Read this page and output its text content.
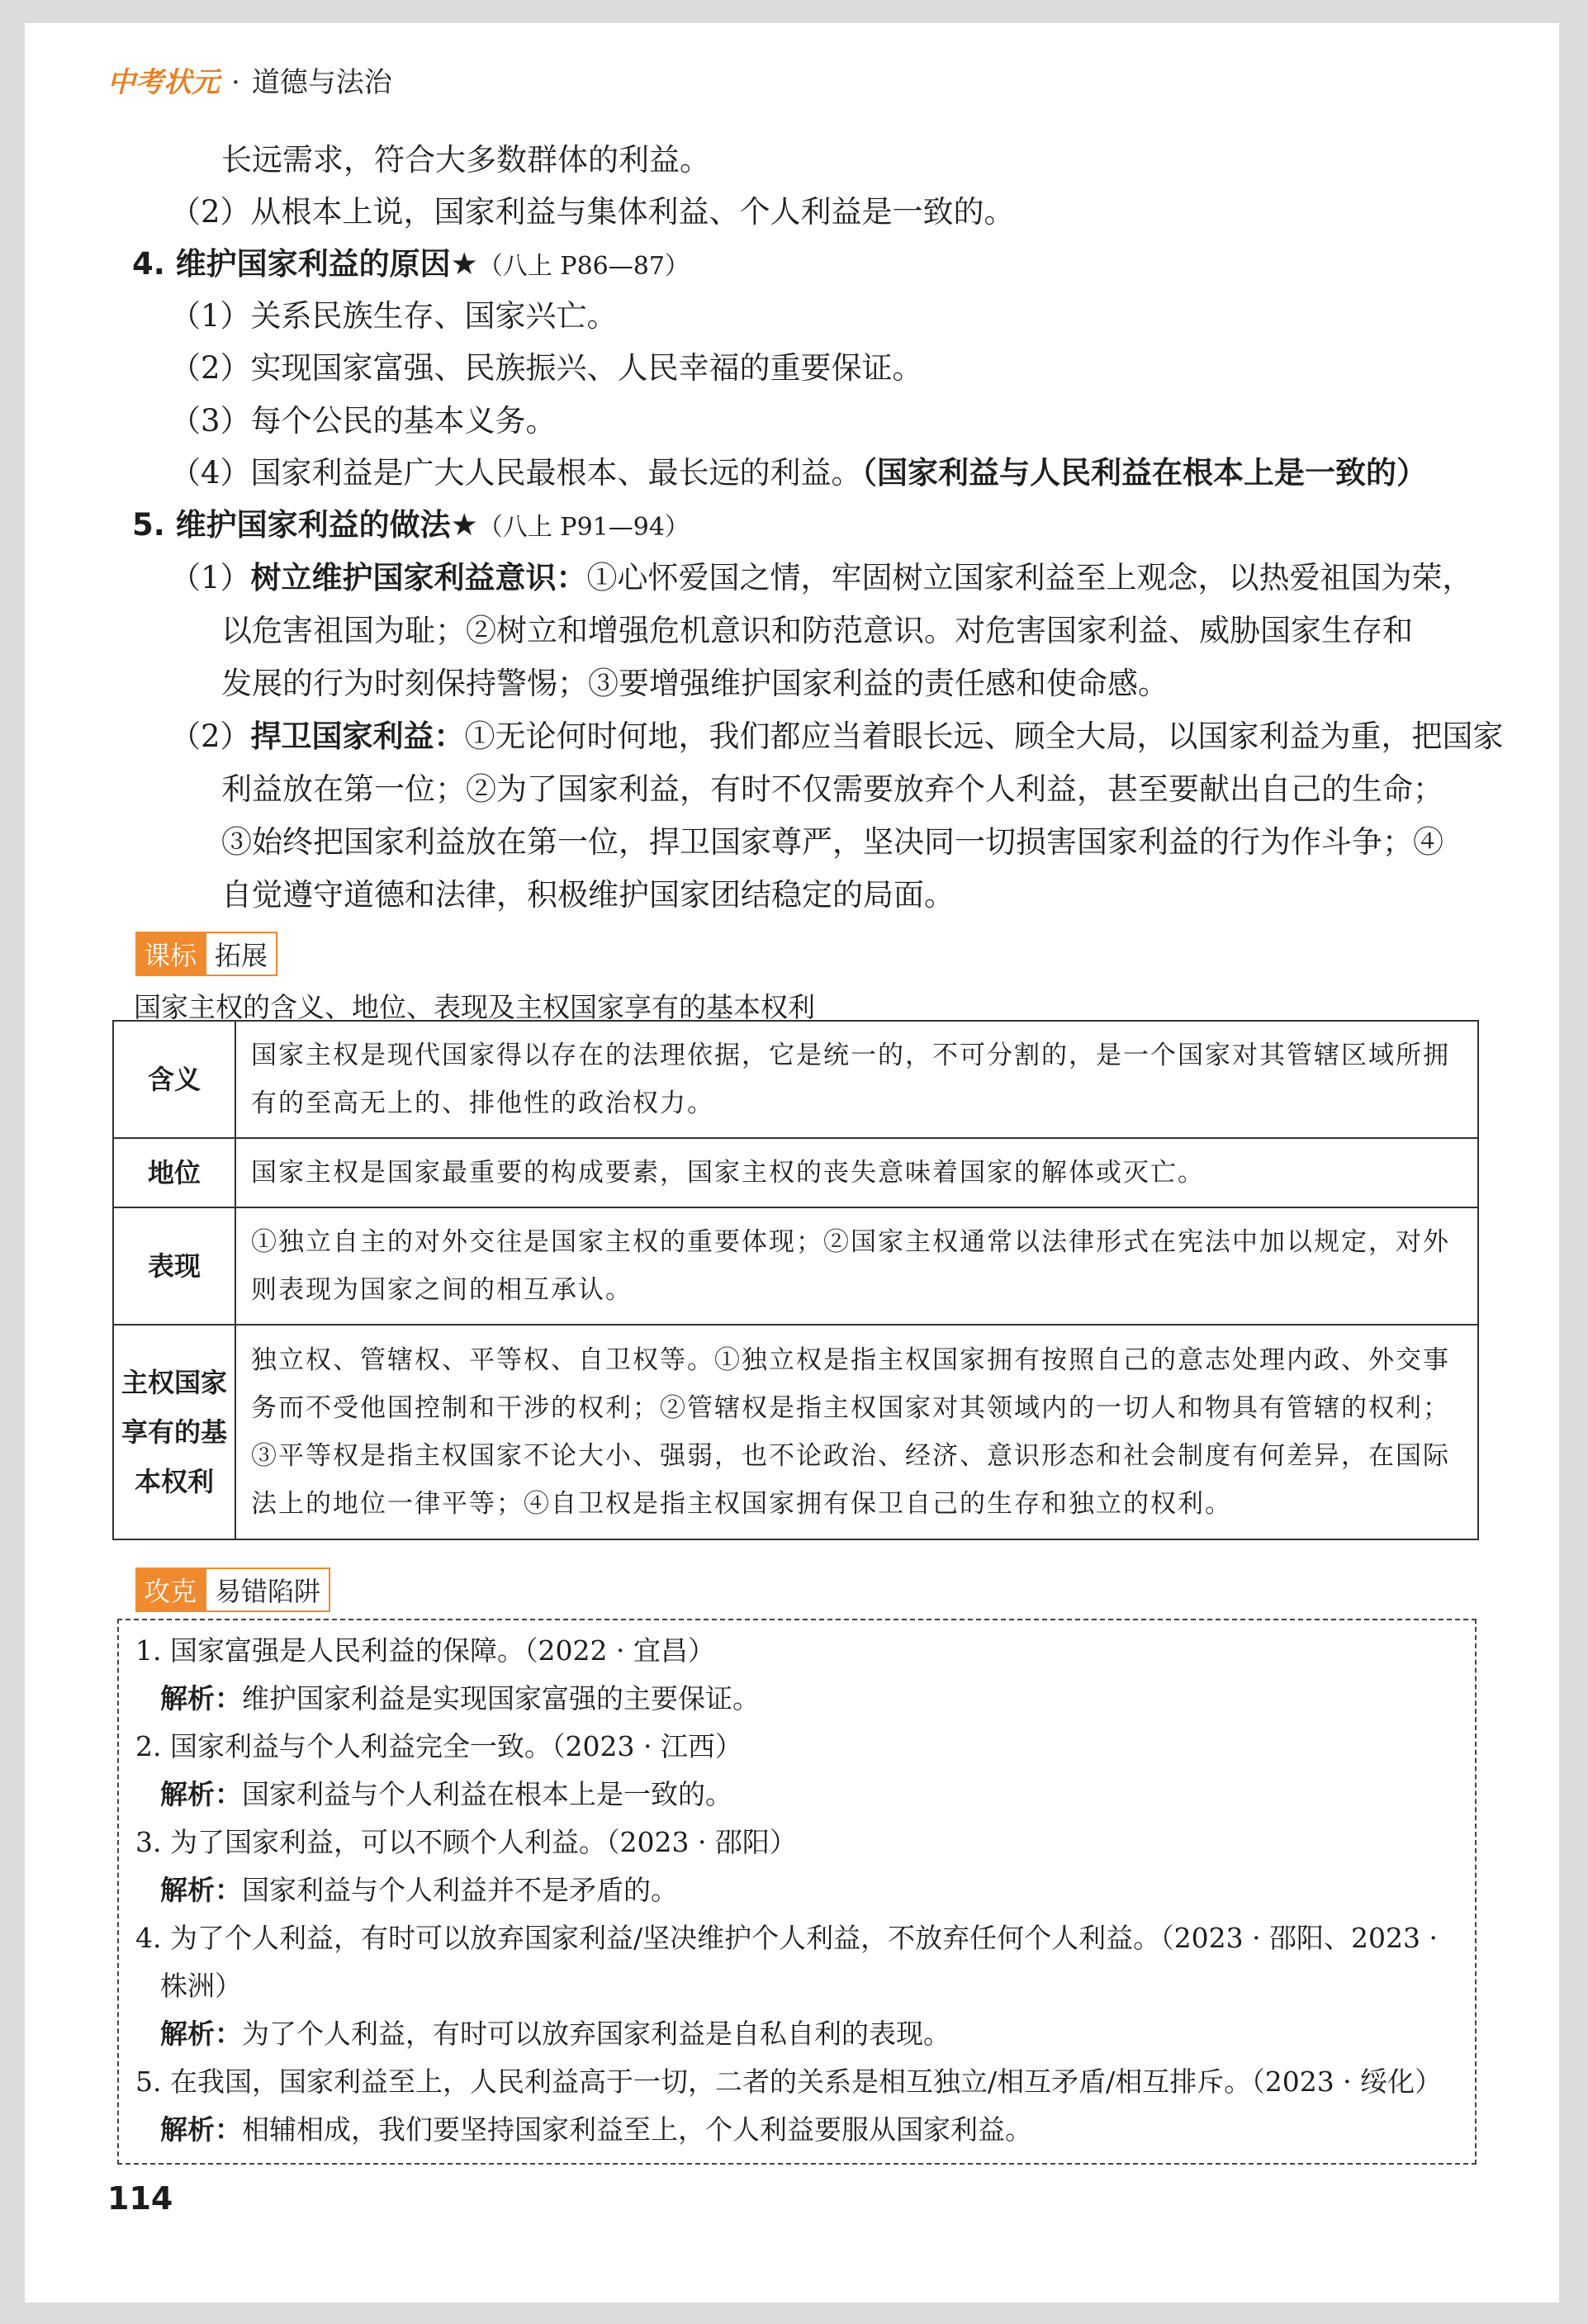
中考状元 · 道德与法治
长远需求，符合大多数群体的利益。
（2）从根本上说，国家利益与集体利益、个人利益是一致的。
4. 维护国家利益的原因★（八上 P86—87）
（1）关系民族生存、国家兴亡。
（2）实现国家富强、民族振兴、人民幸福的重要保证。
（3）每个公民的基本义务。
（4）国家利益是广大人民最根本、最长远的利益。（国家利益与人民利益在根本上是一致的）
5. 维护国家利益的做法★（八上 P91—94）
（1）树立维护国家利益意识：①心怀爱国之情，牢固树立国家利益至上观念，以热爱祖国为荣，
以危害祖国为耻；②树立和增强危机意识和防范意识。对危害国家利益、威胁国家生存和
发展的行为时刻保持警惕；③要增强维护国家利益的责任感和使命感。
（2）捍卫国家利益：①无论何时何地，我们都应当着眼长远、顾全大局，以国家利益为重，把国家
利益放在第一位；②为了国家利益，有时不仅需要放弃个人利益，甚至要献出自己的生命；
③始终把国家利益放在第一位，捍卫国家尊严，坚决同一切损害国家利益的行为作斗争；④
自觉遵守道德和法律，积极维护国家团结稳定的局面。
课标 拓展
国家主权的含义、地位、表现及主权国家享有的基本权利
含义	国家主权是现代国家得以存在的法理依据，它是统一的，不可分割的，是一个国家对其管辖区域所拥有的至高无上的、排他性的政治权力。
地位	国家主权是国家最重要的构成要素，国家主权的丧失意味着国家的解体或灭亡。
表现	①独立自主的对外交往是国家主权的重要体现；②国家主权通常以法律形式在宪法中加以规定，对外则表现为国家之间的相互承认。
主权国家享有的基本权利	独立权、管辖权、平等权、自卫权等。①独立权是指主权国家拥有按照自己的意志处理内政、外交事务而不受他国控制和干涉的权利；②管辖权是指主权国家对其领域内的一切人和物具有管辖的权利；③平等权是指主权国家不论大小、强弱，也不论政治、经济、意识形态和社会制度有何差异，在国际法上的地位一律平等；④自卫权是指主权国家拥有保卫自己的生存和独立的权利。
攻克 易错陷阱
1. 国家富强是人民利益的保障。（2022 · 宜昌）
解析：维护国家利益是实现国家富强的主要保证。
2. 国家利益与个人利益完全一致。（2023 · 江西）
解析：国家利益与个人利益在根本上是一致的。
3. 为了国家利益，可以不顾个人利益。（2023 · 邵阳）
解析：国家利益与个人利益并不是矛盾的。
4. 为了个人利益，有时可以放弃国家利益/坚决维护个人利益，不放弃任何个人利益。（2023 · 邵阳、2023 ·
株洲）
解析：为了个人利益，有时可以放弃国家利益是自私自利的表现。
5. 在我国，国家利益至上，人民利益高于一切，二者的关系是相互独立/相互矛盾/相互排斥。（2023 · 绥化）
解析：相辅相成，我们要坚持国家利益至上，个人利益要服从国家利益。
114
